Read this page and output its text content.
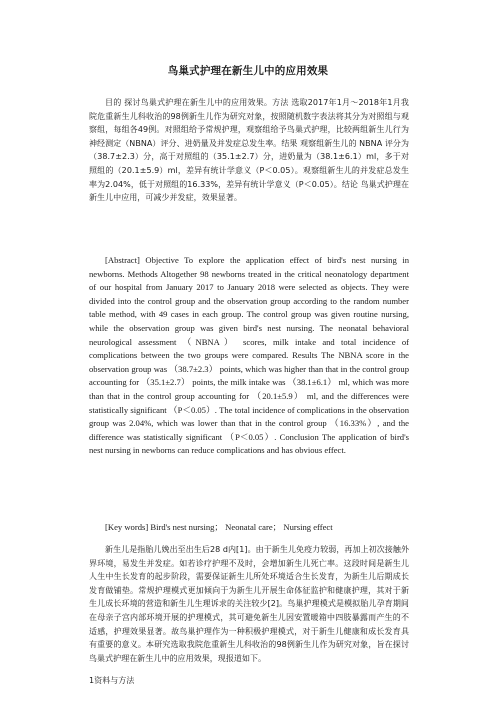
鸟巢式护理在新生儿中的应用效果

目的 探讨鸟巢式护理在新生儿中的应用效果。方法 选取2017年1月～2018年1月我院危重新生儿科收治的98例新生儿作为研究对象，按照随机数字表法将其分为对照组与观察组，每组各49例。对照组给予常规护理，观察组给予鸟巢式护理，比较两组新生儿行为神经测定（NBNA）评分、进奶量及并发症总发生率。结果 观察组新生儿的 NBNA 评分为（38.7±2.3）分，高于对照组的（35.1±2.7）分，进奶量为（38.1±6.1）ml，多于对照组的（20.1±5.9）ml，差异有统计学意义（P＜0.05）。观察组新生儿的并发症总发生率为2.04%，低于对照组的16.33%，差异有统计学意义（P＜0.05）。结论 鸟巢式护理在新生儿中应用，可减少并发症，效果显著。

[Abstract] Objective To explore the application effect of bird's nest nursing in newborns. Methods Altogether 98 newborns treated in the critical neonatology department of our hospital from January 2017 to January 2018 were selected as objects. They were divided into the control group and the observation group according to the random number table method, with 49 cases in each group. The control group was given routine nursing, while the observation group was given bird's nest nursing. The neonatal behavioral neurological assessment （NBNA） scores, milk intake and total incidence of complications between the two groups were compared. Results The NBNA score in the observation group was （38.7±2.3） points, which was higher than that in the control group accounting for （35.1±2.7） points, the milk intake was （38.1±6.1） ml, which was more than that in the control group accounting for （20.1±5.9） ml, and the differences were statistically significant （P＜0.05）. The total incidence of complications in the observation group was 2.04%, which was lower than that in the control group （16.33%）, and the difference was statistically significant （P＜0.05）. Conclusion The application of bird's nest nursing in newborns can reduce complications and has obvious effect.

[Key words] Bird's nest nursing； Neonatal care； Nursing effect

新生儿是指胎儿娩出至出生后28 d内[1]。由于新生儿免疫力较弱，再加上初次接触外界环境，易发生并发症。如若诊疗护理不及时，会增加新生儿死亡率。这段时间是新生儿人生中生长发育的起步阶段，需要保证新生儿所处环境适合生长发育，为新生儿后期成长发育做铺垫。常规护理模式更加倾向于为新生儿开展生命体征监护和健康护理，其对于新生儿成长环境的营造和新生儿生理诉求的关注较少[2]。鸟巢护理模式是模拟胎儿孕育期间在母亲子宫内部环境开展的护理模式，其可避免新生儿因安置暖箱中四肢暴露而产生的不适感，护理效果显著。故鸟巢护理作为一种积极护理模式，对于新生儿健康和成长发育具有重要的意义。本研究选取我院危重新生儿科收治的98例新生儿作为研究对象，旨在探讨鸟巢式护理在新生儿中的应用效果，现报道如下。

1资料与方法
